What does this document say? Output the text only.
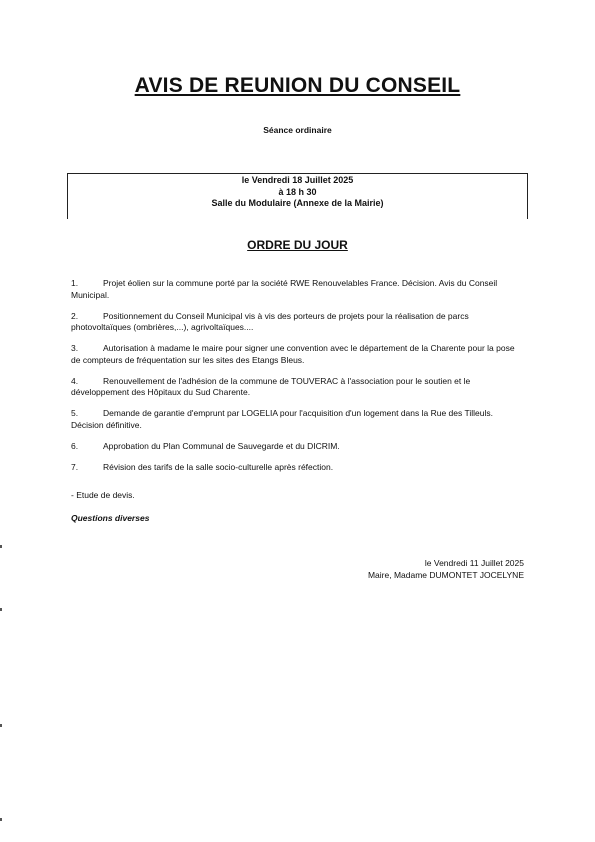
AVIS DE REUNION DU CONSEIL
Séance ordinaire
le Vendredi 18 Juillet 2025
à 18 h 30
Salle du Modulaire (Annexe de la Mairie)
ORDRE DU JOUR
1.	Projet éolien sur la commune porté par la société RWE Renouvelables France. Décision. Avis du Conseil Municipal.
2.	Positionnement du Conseil Municipal vis à vis des porteurs de projets pour la réalisation de parcs photovoltaïques (ombrières,...), agrivoltaïques....
3.	Autorisation à madame le maire pour signer une convention avec le département de la Charente pour la pose de compteurs de fréquentation sur les sites des Etangs Bleus.
4.	Renouvellement de l'adhésion de la commune de TOUVERAC à l'association pour le soutien et le développement des Hôpitaux du Sud Charente.
5.	Demande de garantie d'emprunt par LOGELIA pour l'acquisition d'un logement dans la Rue des Tilleuls. Décision définitive.
6.	Approbation du Plan Communal de Sauvegarde et du DICRIM.
7.	Révision des tarifs de la salle socio-culturelle après réfection.
- Etude de devis.
Questions diverses
le Vendredi 11 Juillet 2025
Maire, Madame DUMONTET JOCELYNE
